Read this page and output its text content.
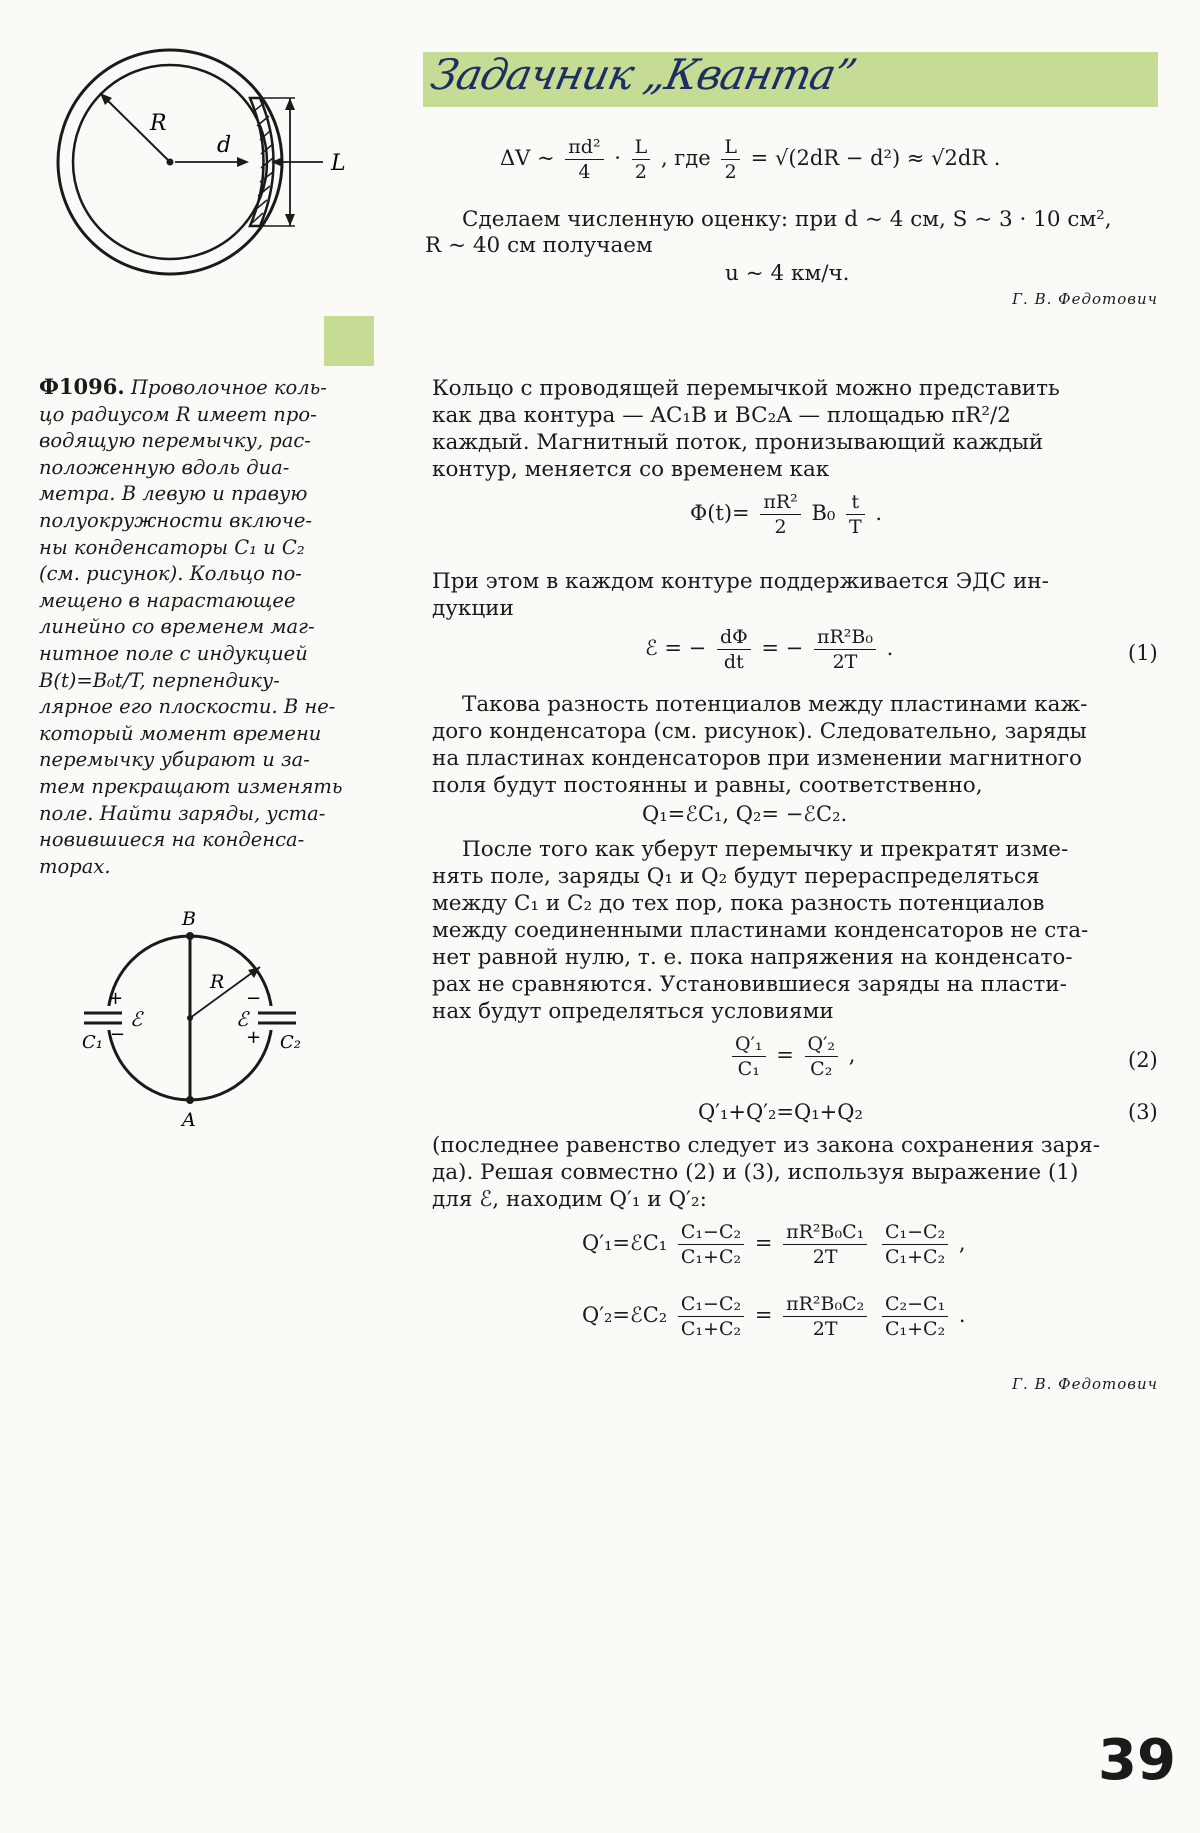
Задачник „Кванта”
R
d
L	ΔV ~ $\frac{\text{πd²}}{4} \cdot \frac{L}{2}$ , где $\frac{L}{2} = √(2dR - d^2) \approx √2dR$ .
Сделаем численную оценку: при d ~ 4 см, S ~ 3 · 10 см²,
R ~ 40 см получаем
u ~ 4 км/ч.
Г. В. Федотович
Ф1096. Проволочное коль-
цо радиусом R имеет про-
водящую перемычку, рас-
положенную вдоль диа-
метра. В левую и правую
полуокружности включе-
ны конденсаторы C₁ и C₂
(см. рисунок). Кольцо по-
мещено в нарастающее
линейно со временем маг-
нитное поле с индукцией
B(t)=B₀t/T, перпендику-
лярное его плоскости. В не-
который момент времени
перемычку убирают и за-
тем прекращают изменять
поле. Найти заряды, уста-
новившиеся на конденса-
торах.
B
A
R
C₁	C₂
+
−
−
+
ℰ	ℰ
Кольцо с проводящей перемычкой можно представить
как два контура — AC₁B и BC₂A — площадью πR²/2
каждый. Магнитный поток, пронизывающий каждый
контур, меняется со временем как
$\Phi(t)= \frac{\text{πR²}}{2} B_0 \frac{t}{T}$ .
При этом в каждом контуре поддерживается ЭДС ин-
дукции
ℰ = − $\frac{d\Phi}{dt}$ = − $\frac{\text{πR²B₀}}{2T}$ .	(1)
Такова разность потенциалов между пластинами каж-
дого конденсатора (см. рисунок). Следовательно, заряды
на пластинах конденсаторов при изменении магнитного
поля будут постоянны и равны, соответственно,
Q₁=ℰC₁, Q₂= −ℰC₂.
После того как уберут перемычку и прекратят изме-
нять поле, заряды Q₁ и Q₂ будут перераспределяться
между C₁ и C₂ до тех пор, пока разность потенциалов
между соединенными пластинами конденсаторов не ста-
нет равной нулю, т. е. пока напряжения на конденсато-
рах не сравняются. Установившиеся заряды на пласти-
нах будут определяться условиями
$\frac{\text{Q′₁}}{\text{C₁}} = \frac{\text{Q′₂}}{\text{C₂}}$ ,	(2)
Q′₁+Q′₂=Q₁+Q₂	(3)
(последнее равенство следует из закона сохранения заря-
да). Решая совместно (2) и (3), используя выражение (1)
для ℰ, находим Q′₁ и Q′₂:
Q′₁=ℰC₁ $\frac{\text{C₁−C₂}}{\text{C₁+C₂}} = \frac{\text{πR²B₀C₁}}{2T}$
$\frac{\text{C₁−C₂}}{\text{C₁+C₂}}$ ,
Q′₂=ℰC₂ $\frac{\text{C₁−C₂}}{\text{C₁+C₂}} = \frac{\text{πR²B₀C₂}}{2T}$
$\frac{\text{C₂−C₁}}{\text{C₁+C₂}}$ .
Г. В. Федотович
39
